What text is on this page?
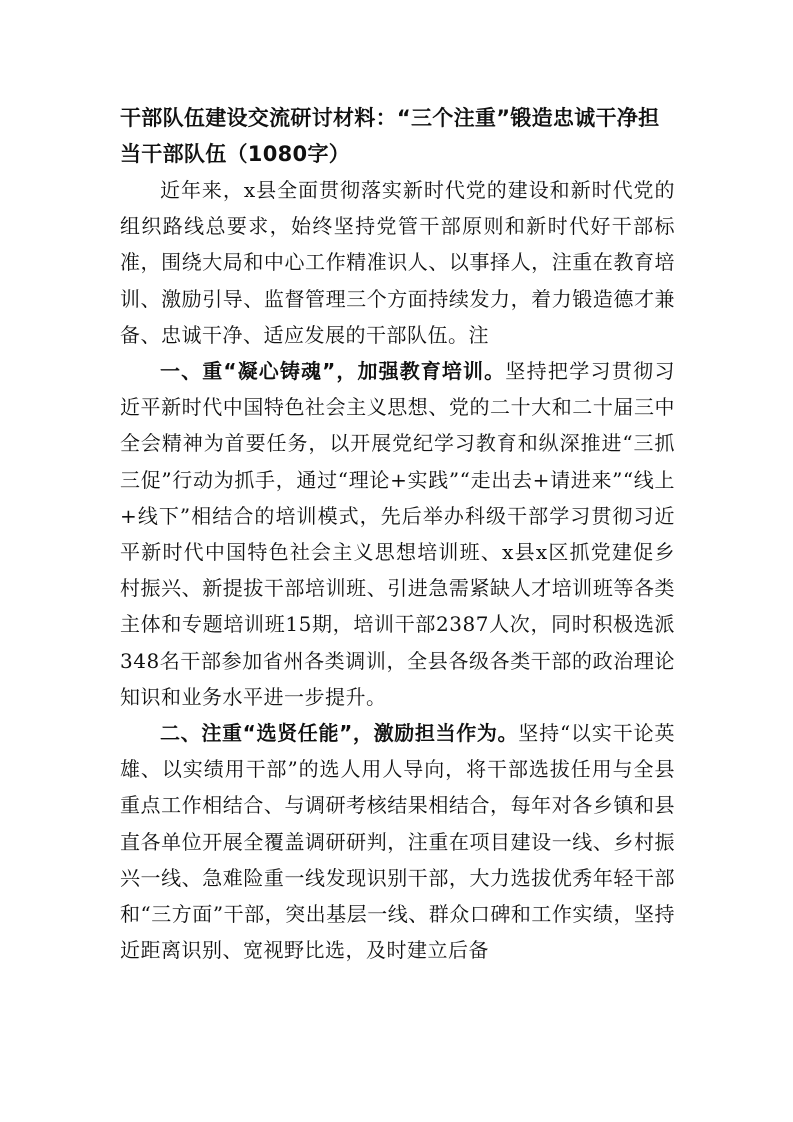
干部队伍建设交流研讨材料：“三个注重”锻造忠诚干净担当干部队伍（1080字）

近年来，x县全面贯彻落实新时代党的建设和新时代党的组织路线总要求，始终坚持党管干部原则和新时代好干部标准，围绕大局和中心工作精准识人、以事择人，注重在教育培训、激励引导、监督管理三个方面持续发力，着力锻造德才兼备、忠诚干净、适应发展的干部队伍。注

一、重“凝心铸魂”，加强教育培训。坚持把学习贯彻习近平新时代中国特色社会主义思想、党的二十大和二十届三中全会精神为首要任务，以开展党纪学习教育和纵深推进“三抓三促”行动为抓手，通过“理论+实践”“走出去+请进来”“线上+线下”相结合的培训模式，先后举办科级干部学习贯彻习近平新时代中国特色社会主义思想培训班、x县x区抓党建促乡村振兴、新提拔干部培训班、引进急需紧缺人才培训班等各类主体和专题培训班15期，培训干部2387人次，同时积极选派348名干部参加省州各类调训，全县各级各类干部的政治理论知识和业务水平进一步提升。

二、注重“选贤任能”，激励担当作为。坚持“以实干论英雄、以实绩用干部”的选人用人导向，将干部选拔任用与全县重点工作相结合、与调研考核结果相结合，每年对各乡镇和县直各单位开展全覆盖调研研判，注重在项目建设一线、乡村振兴一线、急难险重一线发现识别干部，大力选拔优秀年轻干部和“三方面”干部，突出基层一线、群众口碑和工作实绩，坚持近距离识别、宽视野比选，及时建立后备
